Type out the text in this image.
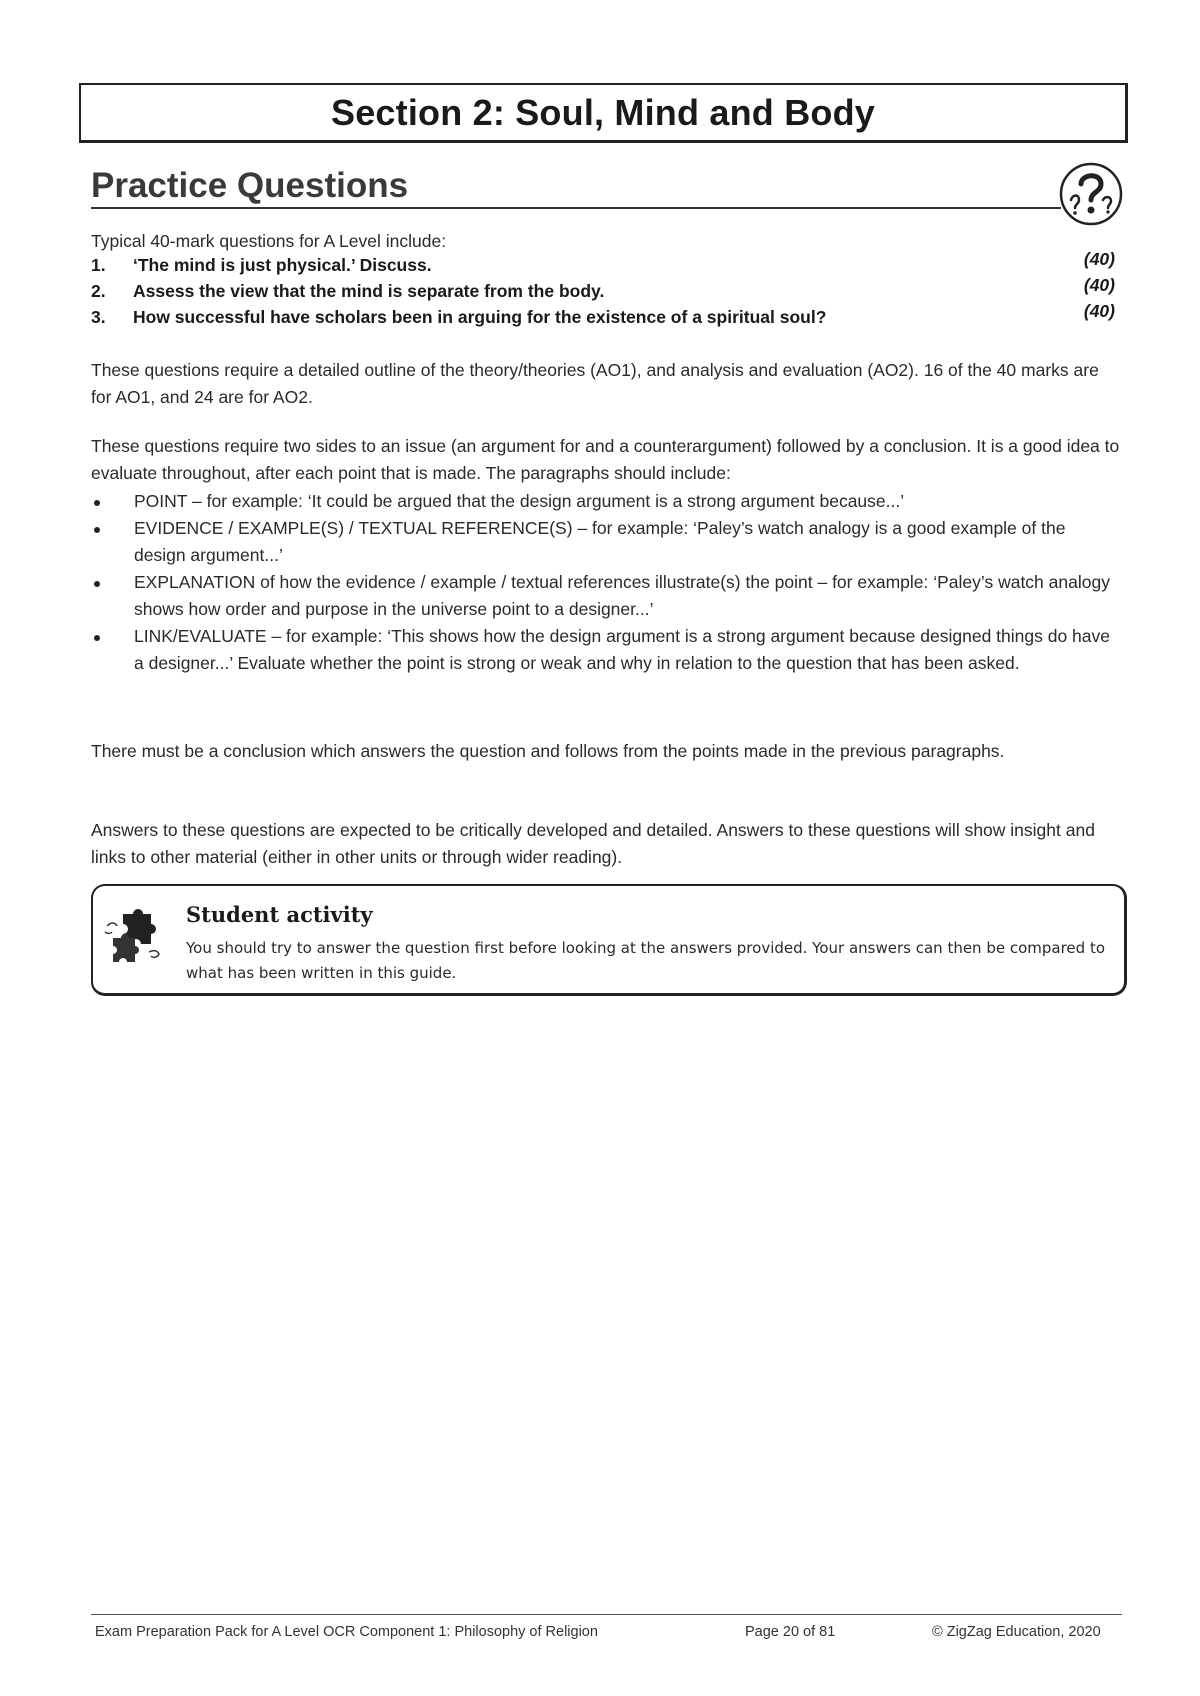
Section 2: Soul, Mind and Body
Practice Questions
Typical 40-mark questions for A Level include:
1.	‘The mind is just physical.’ Discuss.	(40)
2.	Assess the view that the mind is separate from the body.	(40)
3.	How successful have scholars been in arguing for the existence of a spiritual soul?	(40)
These questions require a detailed outline of the theory/theories (AO1), and analysis and evaluation (AO2). 16 of the 40 marks are for AO1, and 24 are for AO2.
These questions require two sides to an issue (an argument for and a counterargument) followed by a conclusion. It is a good idea to evaluate throughout, after each point that is made. The paragraphs should include:
POINT – for example: ‘It could be argued that the design argument is a strong argument because...’
EVIDENCE / EXAMPLE(S) / TEXTUAL REFERENCE(S) – for example: ‘Paley’s watch analogy is a good example of the design argument...’
EXPLANATION of how the evidence / example / textual references illustrate(s) the point – for example: ‘Paley’s watch analogy shows how order and purpose in the universe point to a designer...’
LINK/EVALUATE – for example: ‘This shows how the design argument is a strong argument because designed things do have a designer...’ Evaluate whether the point is strong or weak and why in relation to the question that has been asked.
There must be a conclusion which answers the question and follows from the points made in the previous paragraphs.
Answers to these questions are expected to be critically developed and detailed. Answers to these questions will show insight and links to other material (either in other units or through wider reading).
Student activity
You should try to answer the question first before looking at the answers provided. Your answers can then be compared to what has been written in this guide.
Exam Preparation Pack for A Level OCR Component 1: Philosophy of Religion	Page 20 of 81	© ZigZag Education, 2020
